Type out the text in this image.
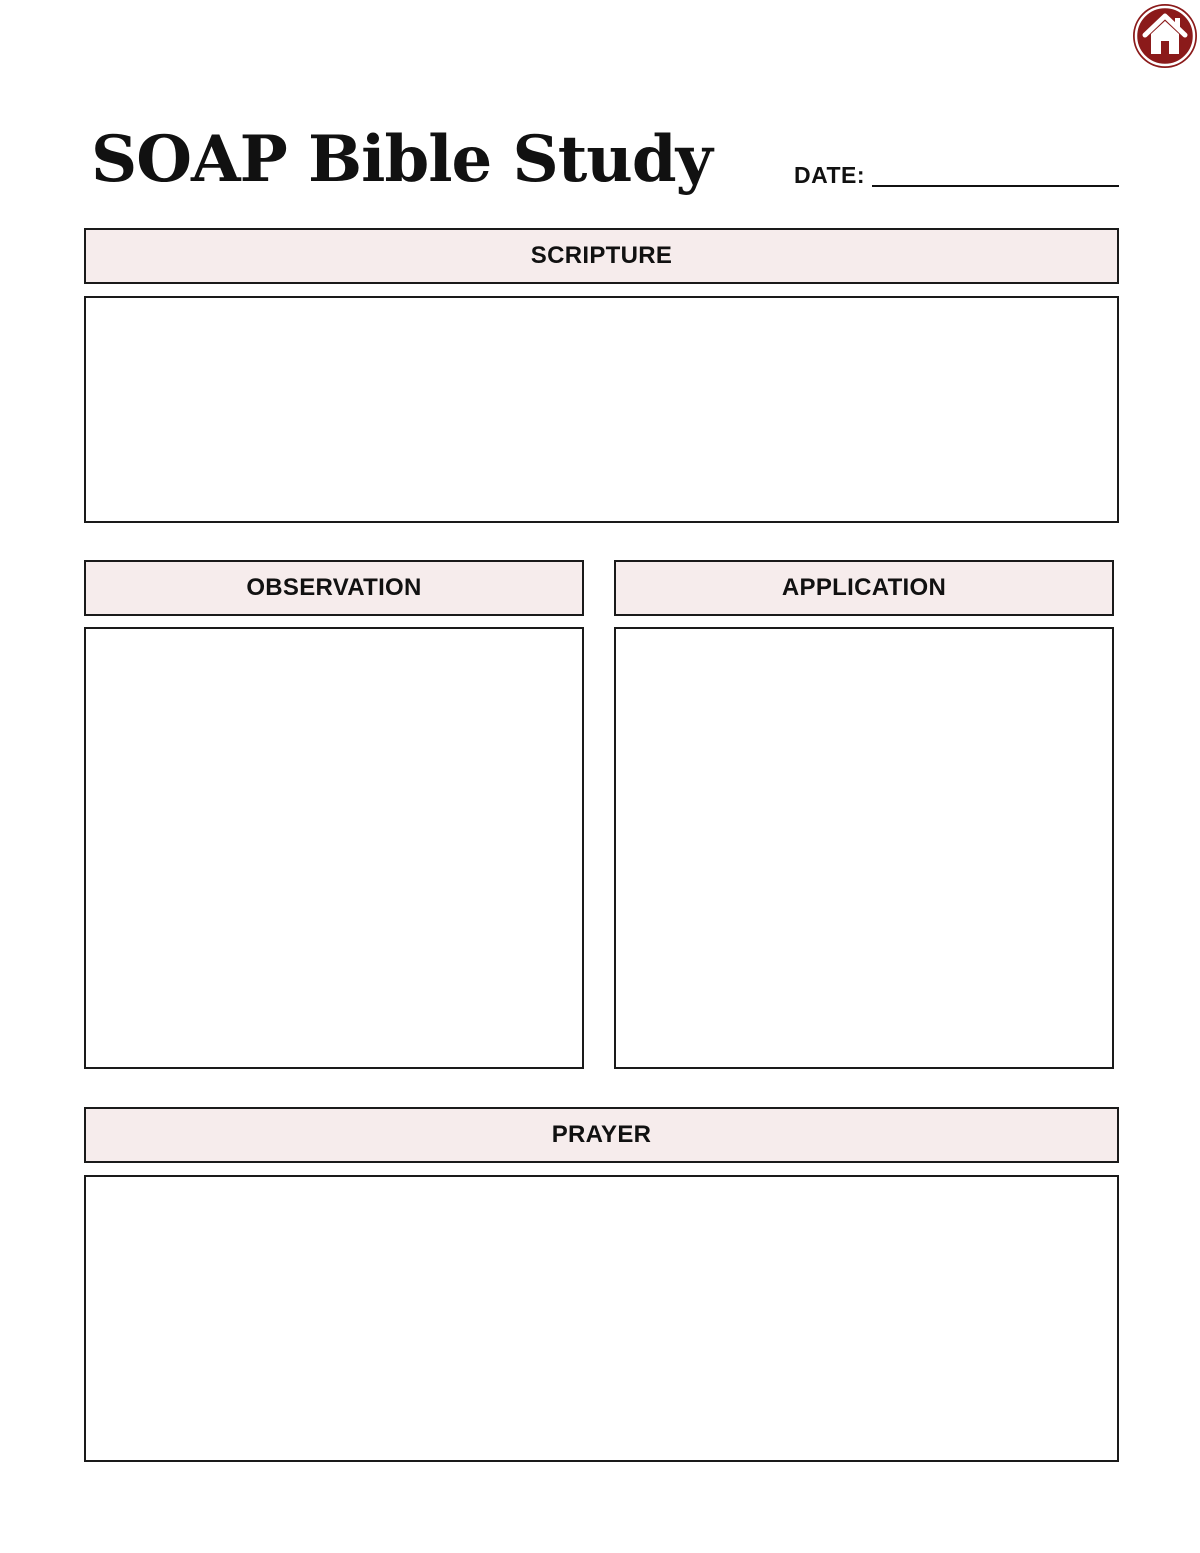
SOAP Bible Study	DATE:
SCRIPTURE
OBSERVATION	APPLICATION
PRAYER
